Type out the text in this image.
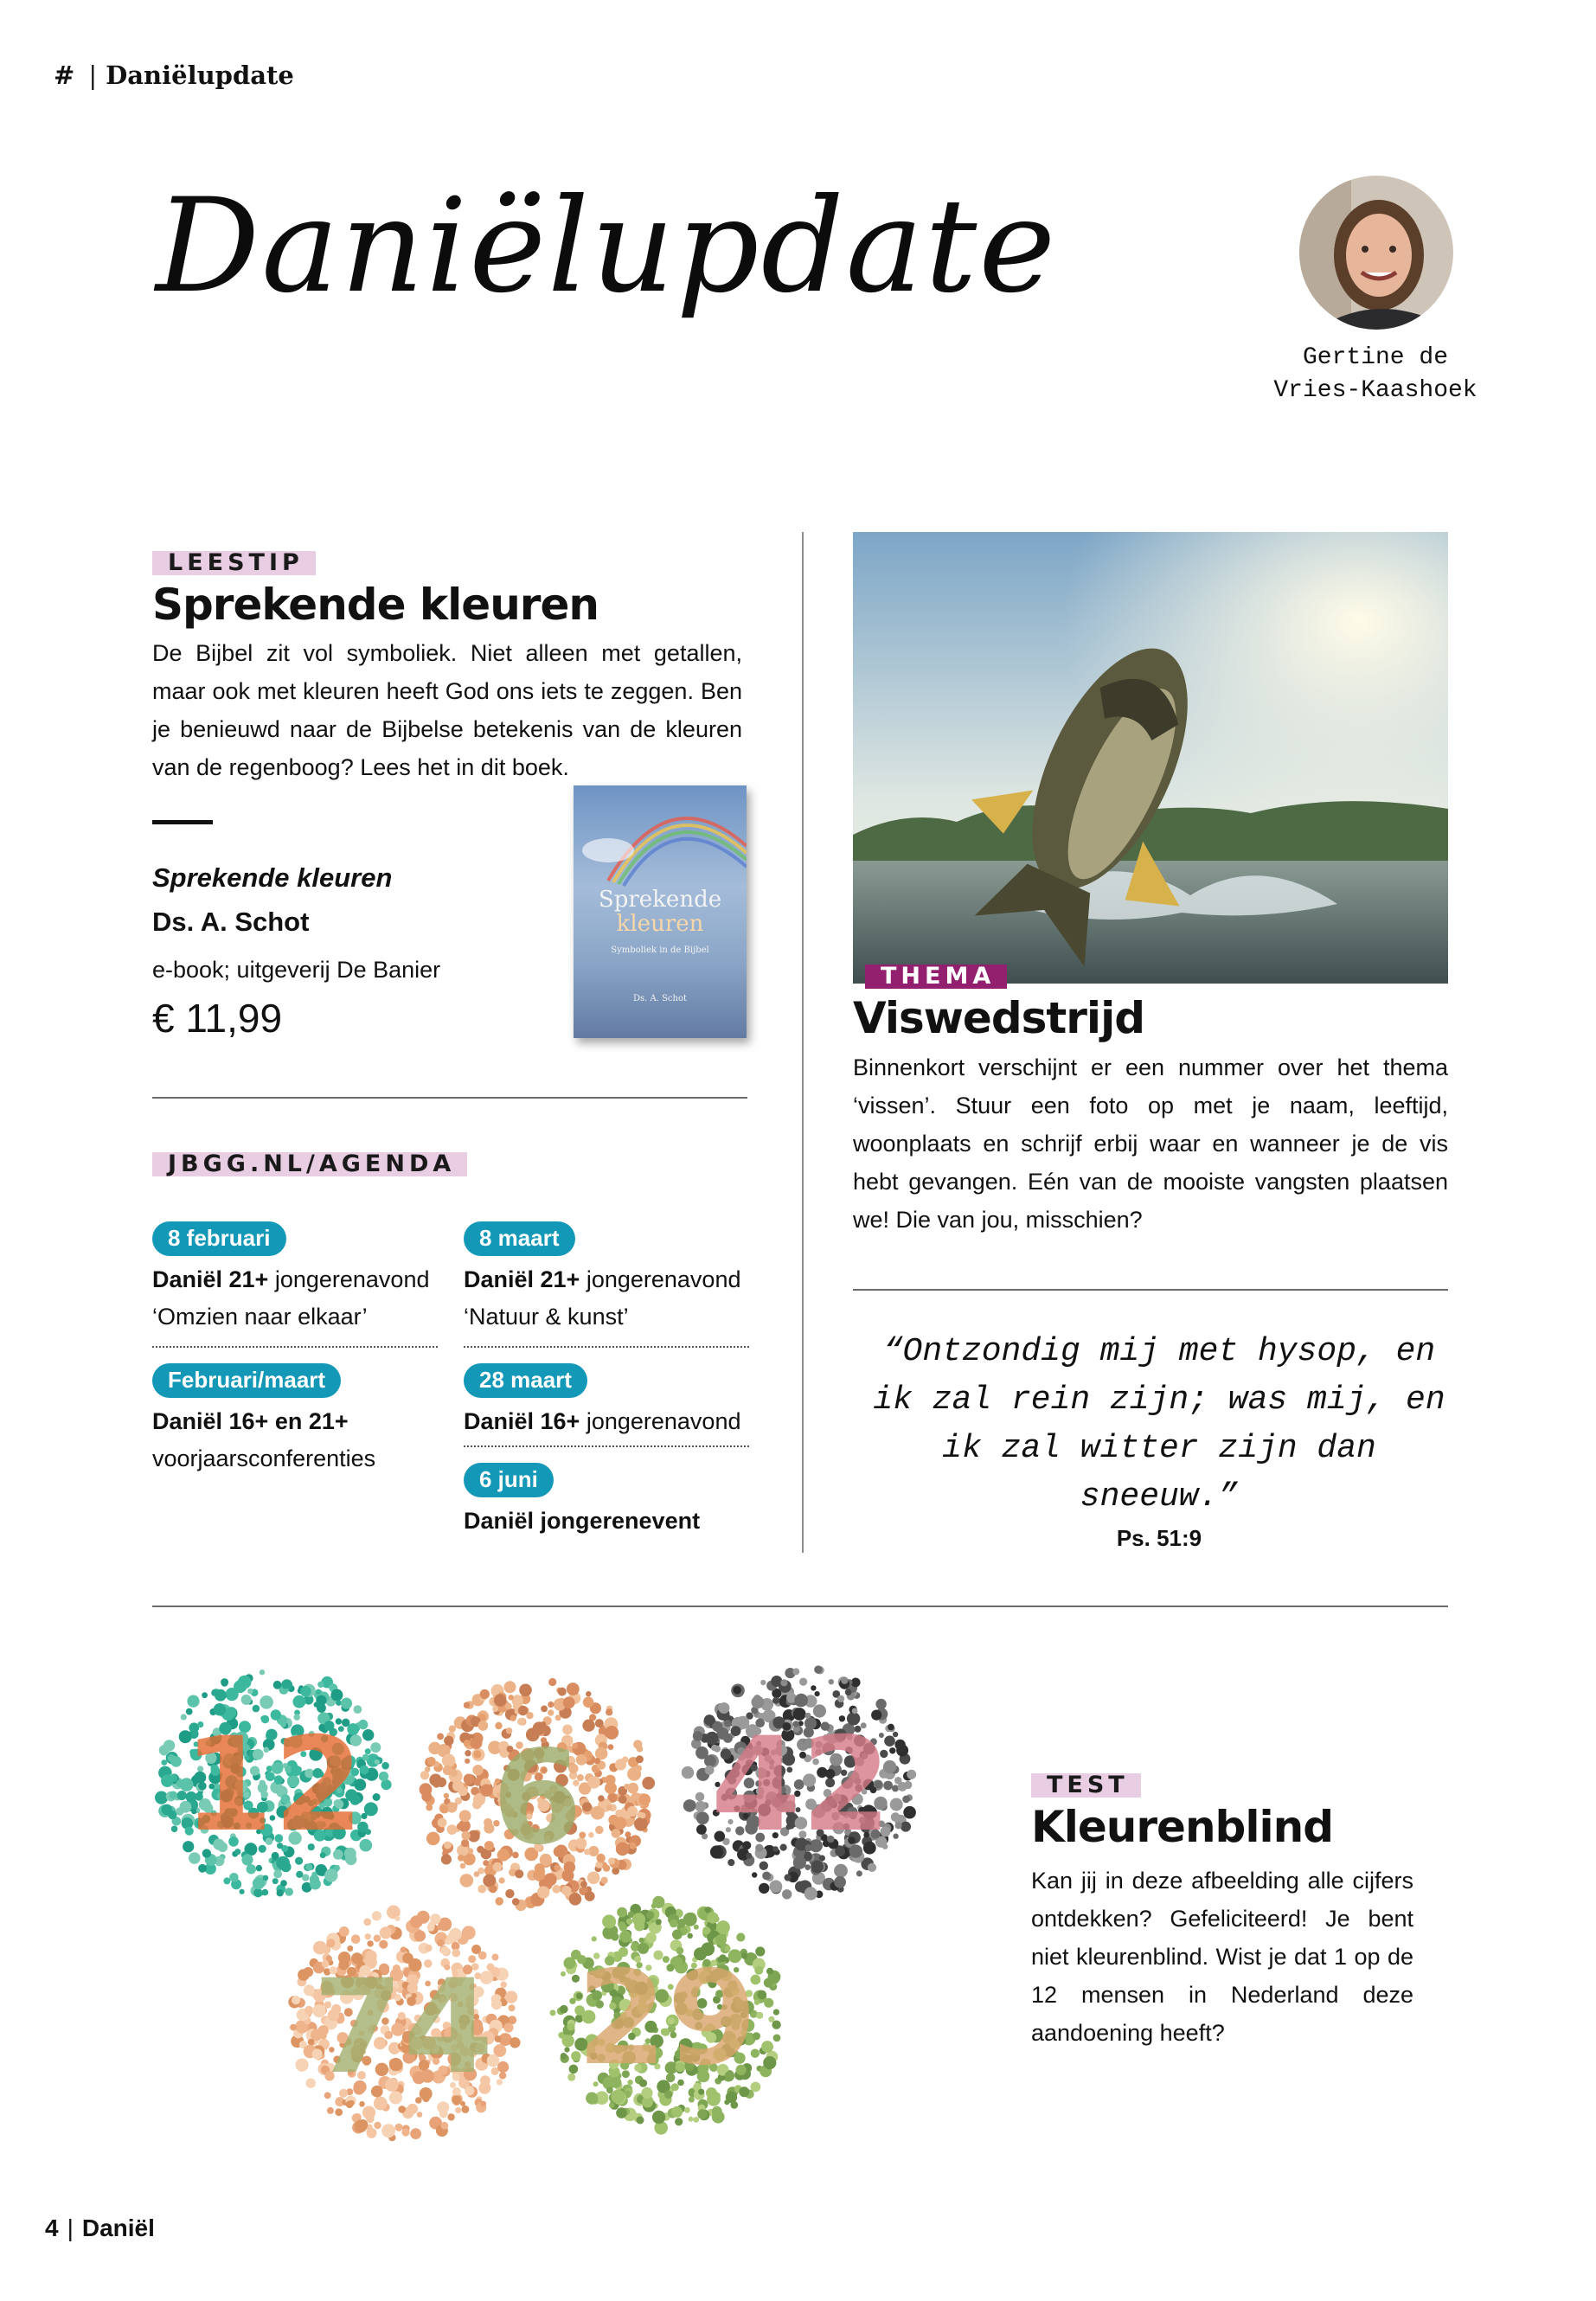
# | Daniëlupdate
Daniëlupdate
Gertine de
Vries-Kaashoek
LEESTIP
Sprekende kleuren
De Bijbel zit vol symboliek. Niet alleen met getallen, maar ook met kleuren heeft God ons iets te zeggen. Ben je benieuwd naar de Bijbelse betekenis van de kleuren van de regenboog? Lees het in dit boek.
Sprekende kleuren
Ds. A. Schot
e-book; uitgeverij De Banier
€ 11,99
Sprekende
kleuren
Symboliek in de Bijbel
Ds. A. Schot
JBGG.NL/AGENDA
8 februari
Daniël 21+ jongerenavond
‘Omzien naar elkaar’
Februari/maart
Daniël 16+ en 21+
voorjaarsconferenties
8 maart
Daniël 21+ jongerenavond
‘Natuur & kunst’
28 maart
Daniël 16+ jongerenavond
6 juni
Daniël jongerenevent
THEMA
Viswedstrijd
Binnenkort verschijnt er een nummer over het thema ‘vissen’. Stuur een foto op met je naam, leeftijd, woonplaats en schrijf erbij waar en wanneer je de vis hebt gevangen. Eén van de mooiste vangsten plaatsen we! Die van jou, misschien?
“Ontzondig mij met hysop, en ik zal rein zijn; was mij, en ik zal witter zijn dan sneeuw.”
Ps. 51:9
12 6 42
74 29
TEST
Kleurenblind
Kan jij in deze afbeelding alle cijfers ontdekken? Gefeliciteerd! Je bent niet kleurenblind. Wist je dat 1 op de 12 mensen in Nederland deze aandoening heeft?
4 | Daniël
